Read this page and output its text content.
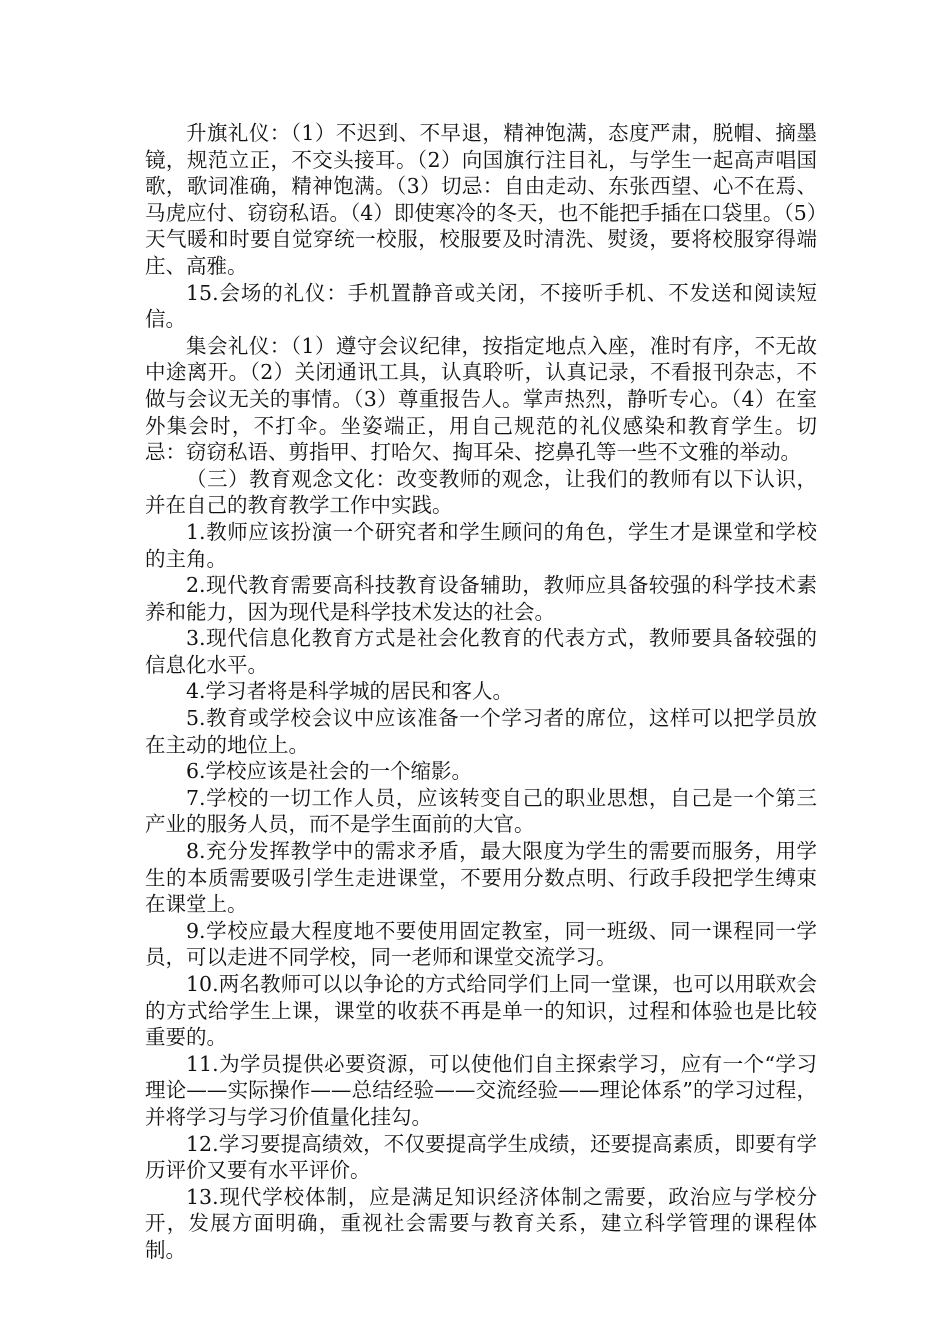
升旗礼仪：（1）不迟到、不早退，精神饱满，态度严肃，脱帽、摘墨镜，规范立正，不交头接耳。（2）向国旗行注目礼，与学生一起高声唱国歌，歌词准确，精神饱满。（3）切忌：自由走动、东张西望、心不在焉、马虎应付、窃窃私语。（4）即使寒冷的冬天，也不能把手插在口袋里。（5）天气暖和时要自觉穿统一校服，校服要及时清洗、熨烫，要将校服穿得端庄、高雅。

15.会场的礼仪：手机置静音或关闭，不接听手机、不发送和阅读短信。

集会礼仪：（1）遵守会议纪律，按指定地点入座，准时有序，不无故中途离开。（2）关闭通讯工具，认真聆听，认真记录，不看报刊杂志，不做与会议无关的事情。（3）尊重报告人。掌声热烈，静听专心。（4）在室外集会时，不打伞。坐姿端正，用自己规范的礼仪感染和教育学生。切忌：窃窃私语、剪指甲、打哈欠、掏耳朵、挖鼻孔等一些不文雅的举动。

（三）教育观念文化：改变教师的观念，让我们的教师有以下认识，并在自己的教育教学工作中实践。

1.教师应该扮演一个研究者和学生顾问的角色，学生才是课堂和学校的主角。

2.现代教育需要高科技教育设备辅助，教师应具备较强的科学技术素养和能力，因为现代是科学技术发达的社会。

3.现代信息化教育方式是社会化教育的代表方式，教师要具备较强的信息化水平。

4.学习者将是科学城的居民和客人。

5.教育或学校会议中应该准备一个学习者的席位，这样可以把学员放在主动的地位上。

6.学校应该是社会的一个缩影。

7.学校的一切工作人员，应该转变自己的职业思想，自己是一个第三产业的服务人员，而不是学生面前的大官。

8.充分发挥教学中的需求矛盾，最大限度为学生的需要而服务，用学生的本质需要吸引学生走进课堂，不要用分数点明、行政手段把学生缚束在课堂上。

9.学校应最大程度地不要使用固定教室，同一班级、同一课程同一学员，可以走进不同学校，同一老师和课堂交流学习。

10.两名教师可以以争论的方式给同学们上同一堂课，也可以用联欢会的方式给学生上课，课堂的收获不再是单一的知识，过程和体验也是比较重要的。

11.为学员提供必要资源，可以使他们自主探索学习，应有一个“学习理论——实际操作——总结经验——交流经验——理论体系”的学习过程，并将学习与学习价值量化挂勾。

12.学习要提高绩效，不仅要提高学生成绩，还要提高素质，即要有学历评价又要有水平评价。

13.现代学校体制，应是满足知识经济体制之需要，政治应与学校分开，发展方面明确，重视社会需要与教育关系，建立科学管理的课程体制。
